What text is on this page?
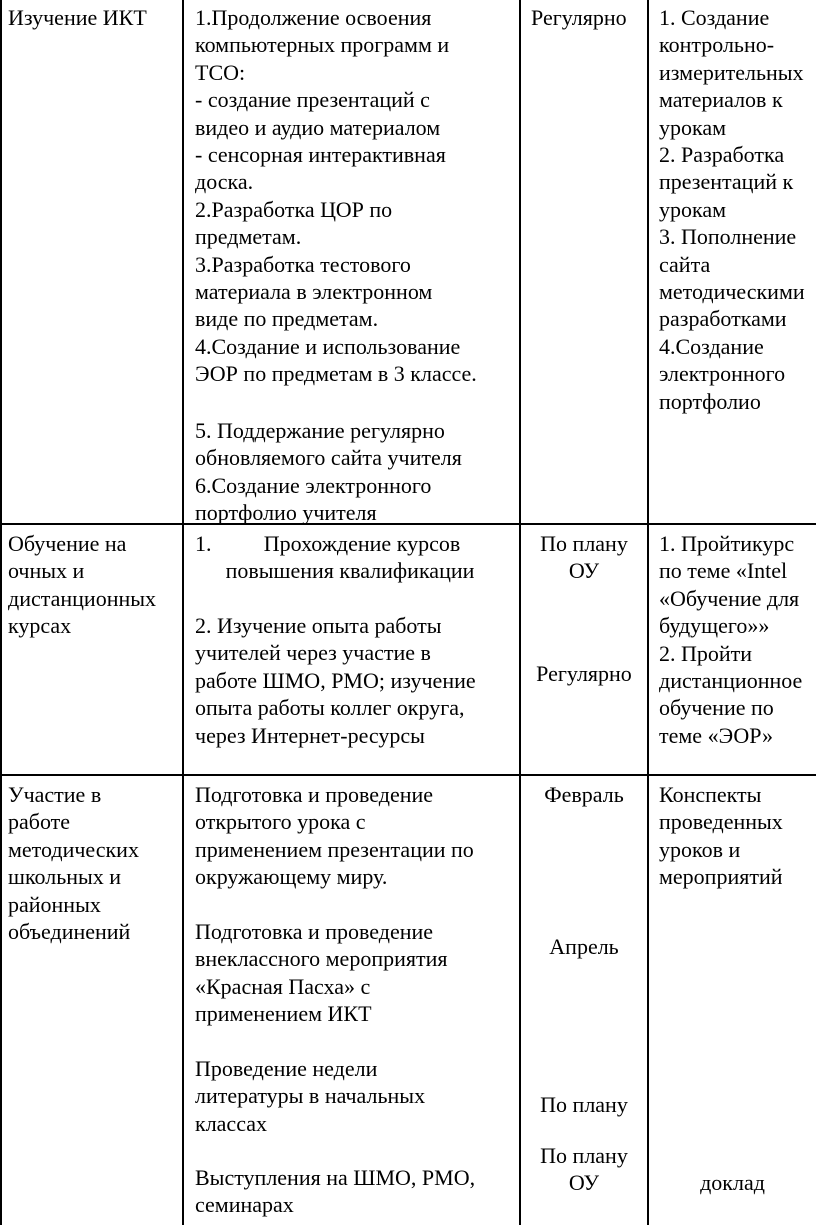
Изучение ИКТ 1.Продолжение освоения

компьютерных программ и

ТСО:

- создание презентаций с

видео и аудио материалом

- сенсорная интерактивная

доска.

2.Разработка ЦОР по

предметам.

3.Разработка тестового

материала в электронном

виде по предметам.

4.Создание и использование

ЭОР по предметам в 3 классе.

5. Поддержание регулярно

обновляемого сайта учителя

6.Создание электронного

портфолио учителя

Регулярно 1. Создание

контрольно-

измерительных

материалов к

урокам

2. Разработка

презентаций к

урокам

3. Пополнение

сайта

методическими

разработками

4.Создание

электронного

портфолио

Обучение на

очных и

дистанционных

курсах

1.	Прохождение курсов

повышения квалификации

2. Изучение опыта работы

учителей через участие в

работе ШМО, РМО; изучение

опыта работы коллег округа,

через Интернет-ресурсы

По плану

ОУ

Регулярно

1. Пройтикурс

по теме «Intel

«Обучение для

будущего»»

2. Пройти

дистанционное

обучение по

теме «ЭОР»

Участие в

работе

методических

школьных и

районных

объединений

Подготовка и проведение

открытого урока с

применением презентации по

окружающему миру.

Подготовка и проведение

внеклассного мероприятия

«Красная Пасха» с

применением ИКТ

Проведение недели

литературы в начальных

классах

Выступления на ШМО, РМО,

семинарах

Февраль

Апрель

По плану

По плану

ОУ

Конспекты

проведенных

уроков и

мероприятий

доклад
